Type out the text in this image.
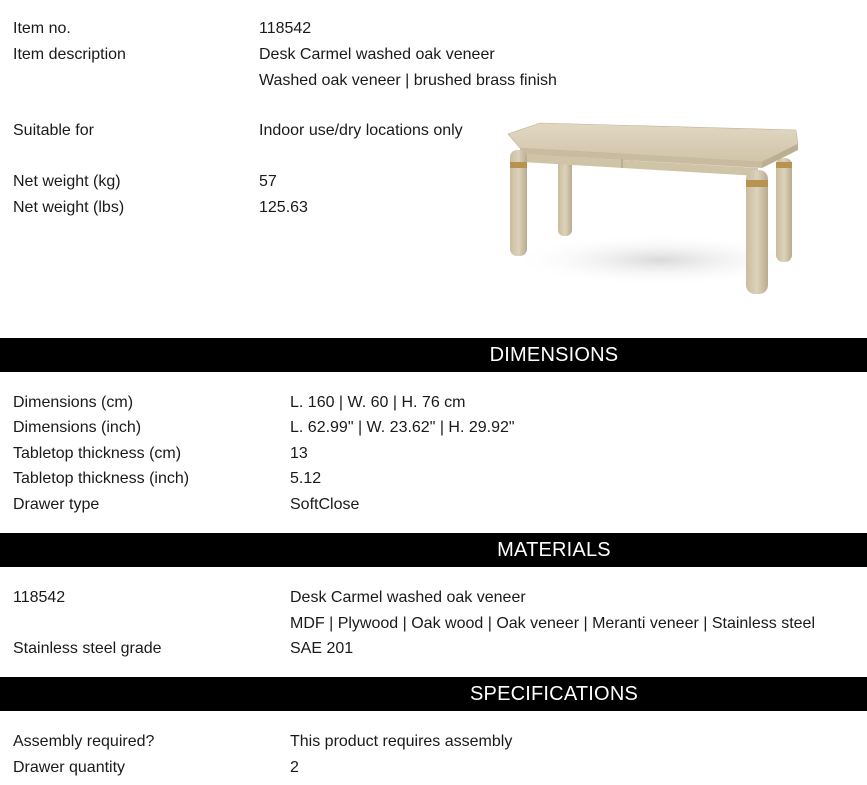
Item no.	118542
Item description	Desk Carmel washed oak veneer
Washed oak veneer | brushed brass finish
Suitable for	Indoor use/dry locations only
Net weight (kg)	57
Net weight (lbs)	125.63
DIMENSIONS
Dimensions (cm)	L. 160 | W. 60 | H. 76 cm
Dimensions (inch)	L. 62.99" | W. 23.62" | H. 29.92"
Tabletop thickness (cm)	13
Tabletop thickness (inch)	5.12
Drawer type	SoftClose
MATERIALS
118542	Desk Carmel washed oak veneer
MDF | Plywood | Oak wood | Oak veneer | Meranti veneer | Stainless steel
Stainless steel grade	SAE 201
SPECIFICATIONS
Assembly required?	This product requires assembly
Drawer quantity	2
